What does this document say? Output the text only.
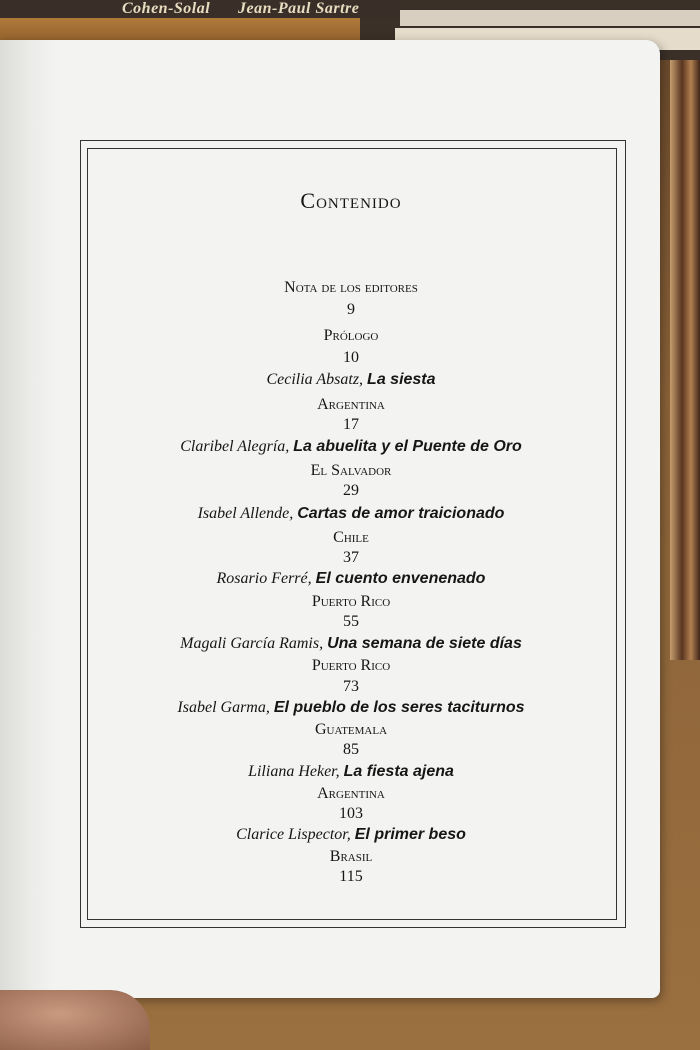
Cohen-Solal Jean-Paul Sartre
Contenido
Nota de los editores
9
Prólogo
10
Cecilia Absatz, La siesta
Argentina
17
Claribel Alegría, La abuelita y el Puente de Oro
El Salvador
29
Isabel Allende, Cartas de amor traicionado
Chile
37
Rosario Ferré, El cuento envenenado
Puerto Rico
55
Magali García Ramis, Una semana de siete días
Puerto Rico
73
Isabel Garma, El pueblo de los seres taciturnos
Guatemala
85
Liliana Heker, La fiesta ajena
Argentina
103
Clarice Lispector, El primer beso
Brasil
115
